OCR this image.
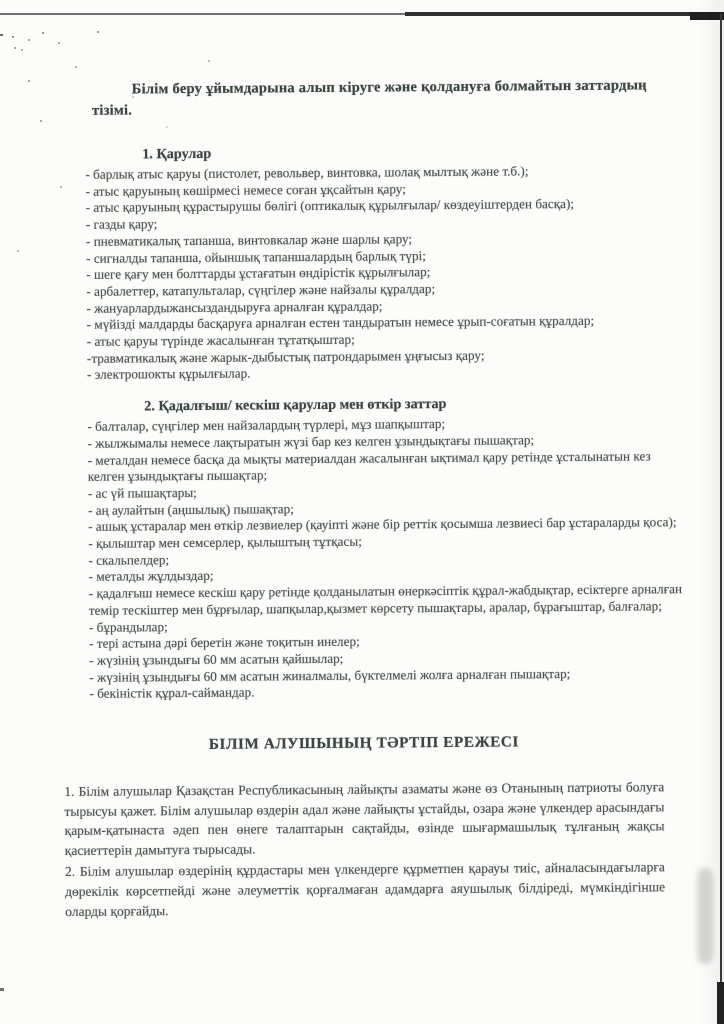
Білім беру ұйымдарына алып кіруге және қолдануға болмайтын заттардың тізімі.
1. Қарулар
- барлық атыс қаруы (пистолет, револьвер, винтовка, шолақ мылтық және т.б.);
- атыс қаруының көшірмесі немесе соған ұқсайтын қару;
- атыс қаруының құрастырушы бөлігі (оптикалық құрылғылар/ көздеуіштерден басқа);
- газды қару;
- пневматикалық тапанша, винтовкалар және шарлы қару;
- сигналды тапанша, ойыншық тапаншалардың барлық түрі;
- шеге қағу мен болттарды ұстағатын өндірістік құрылғылар;
- арбалеттер, катапульталар, сүңгілер және найзалы құралдар;
- жануарлардыжансыздандыруға арналған құралдар;
- мүйізді малдарды басқаруға арналған естен тандыратын немесе ұрып-соғатын құралдар;
- атыс қаруы түрінде жасалынған тұтатқыштар;
-травматикалық және жарык-дыбыстық патрондарымен ұңғысыз қару;
- электрошокты құрылғылар.
2. Қадалғыш/ кескіш қарулар мен өткір заттар
- балталар, сүңгілер мен найзалардың түрлері, мұз шапқыштар;
- жылжымалы немесе лақтыратын жүзі бар кез келген ұзындықтағы пышақтар;
- металдан немесе басқа да мықты материалдан жасалынған ықтимал қару ретінде ұсталынатын кез келген ұзындықтағы пышақтар;
- ас үй пышақтары;
- аң аулайтын (аңшылық) пышақтар;
- ашық ұстаралар мен өткір лезвиелер (қауіпті және бір реттік қосымша лезвиесі бар ұстараларды қоса);
- қылыштар мен семсерлер, қылыштың тұтқасы;
- скальпелдер;
- металды жұлдыздар;
- қадалғыш немесе кескіш қару ретінде қолданылатын өнеркәсіптік құрал-жабдықтар, есіктерге арналған темір тескіштер мен бұрғылар, шапқылар,қызмет көрсету пышақтары, аралар, бұрағыштар, балғалар;
- бұрандылар;
- тері астына дәрі беретін және тоқитын инелер;
- жүзінің ұзындығы 60 мм асатын қайшылар;
- жүзінің ұзындығы 60 мм асатын жиналмалы, бүктелмелі жолға арналған пышақтар;
- бекіністік құрал-саймандар.
БІЛІМ АЛУШЫНЫҢ ТӘРТІП ЕРЕЖЕСІ
1. Білім алушылар Қазақстан Республикасының лайықты азаматы және өз Отанының патриоты болуға тырысуы қажет. Білім алушылар өздерін адал және лайықты ұстайды, озара және үлкендер арасындағы қарым-қатынаста әдеп пен өнеге талаптарын сақтайды, өзінде шығармашылық тұлғаның жақсы қасиеттерін дамытуға тырысады.
2. Білім алушылар өздерінің құрдастары мен үлкендерге құрметпен қарауы тиіс, айналасындағыларға дөрекілік көрсетпейді және әлеуметтік қорғалмаған адамдарға аяушылық білдіреді, мүмкіндігінше оларды қорғайды.
